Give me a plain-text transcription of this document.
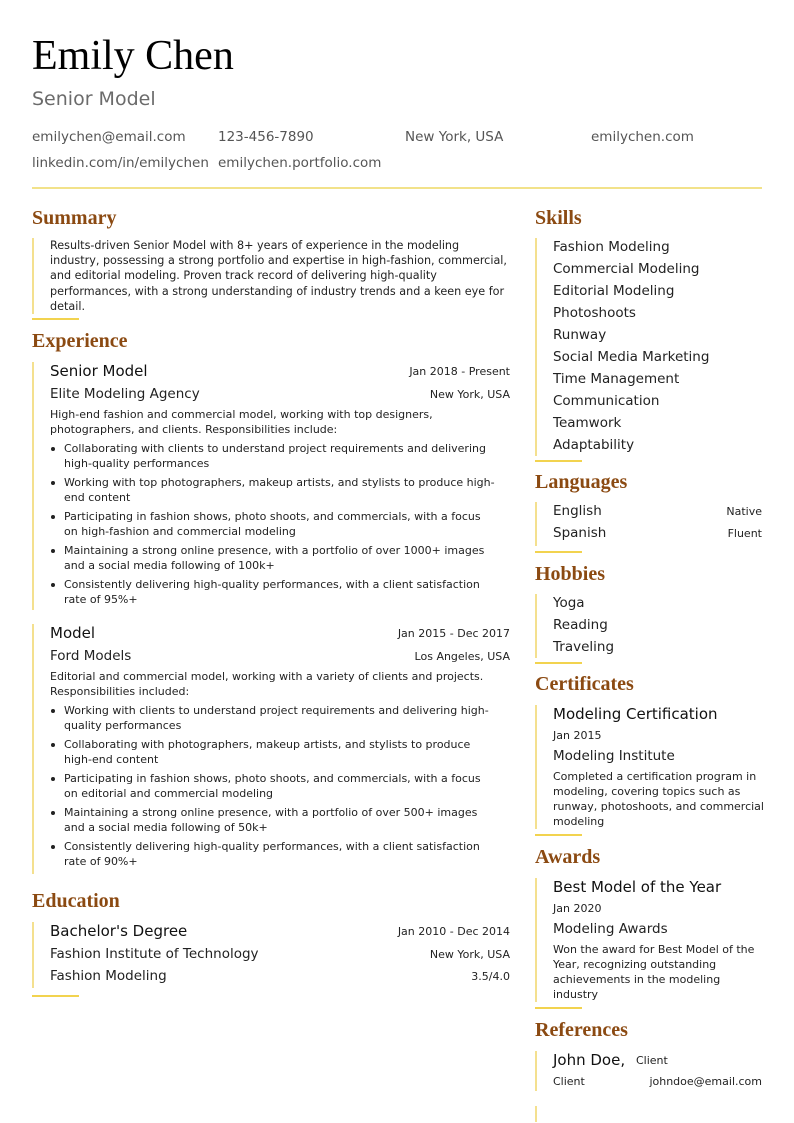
Emily Chen
Senior Model
emilychen@email.com 123-456-7890	New York, USA	emilychen.com
linkedin.com/in/emilychen emilychen.portfolio.com
Summary
Results-driven Senior Model with 8+ years of experience in the modeling industry, possessing a strong portfolio and expertise in high-fashion, commercial, and editorial modeling. Proven track record of delivering high-quality performances, with a strong understanding of industry trends and a keen eye for detail.
Experience
Senior Model	Jan 2018 - Present
Elite Modeling Agency	New York, USA
High-end fashion and commercial model, working with top designers, photographers, and clients. Responsibilities include:
Collaborating with clients to understand project requirements and delivering high-quality performances
Working with top photographers, makeup artists, and stylists to produce high-end content
Participating in fashion shows, photo shoots, and commercials, with a focus on high-fashion and commercial modeling
Maintaining a strong online presence, with a portfolio of over 1000+ images and a social media following of 100k+
Consistently delivering high-quality performances, with a client satisfaction rate of 95%+
Model	Jan 2015 - Dec 2017
Ford Models	Los Angeles, USA
Editorial and commercial model, working with a variety of clients and projects. Responsibilities included:
Working with clients to understand project requirements and delivering high-quality performances
Collaborating with photographers, makeup artists, and stylists to produce high-end content
Participating in fashion shows, photo shoots, and commercials, with a focus on editorial and commercial modeling
Maintaining a strong online presence, with a portfolio of over 500+ images and a social media following of 50k+
Consistently delivering high-quality performances, with a client satisfaction rate of 90%+
Education
Bachelor's Degree	Jan 2010 - Dec 2014
Fashion Institute of Technology	New York, USA
Fashion Modeling	3.5/4.0
Skills
Fashion Modeling
Commercial Modeling
Editorial Modeling
Photoshoots
Runway
Social Media Marketing
Time Management
Communication
Teamwork
Adaptability
Languages
English	Native
Spanish	Fluent
Hobbies
Yoga
Reading
Traveling
Certificates
Modeling Certification
Jan 2015
Modeling Institute
Completed a certification program in modeling, covering topics such as runway, photoshoots, and commercial modeling
Awards
Best Model of the Year
Jan 2020
Modeling Awards
Won the award for Best Model of the Year, recognizing outstanding achievements in the modeling industry
References
John Doe, Client
Client	johndoe@email.com
